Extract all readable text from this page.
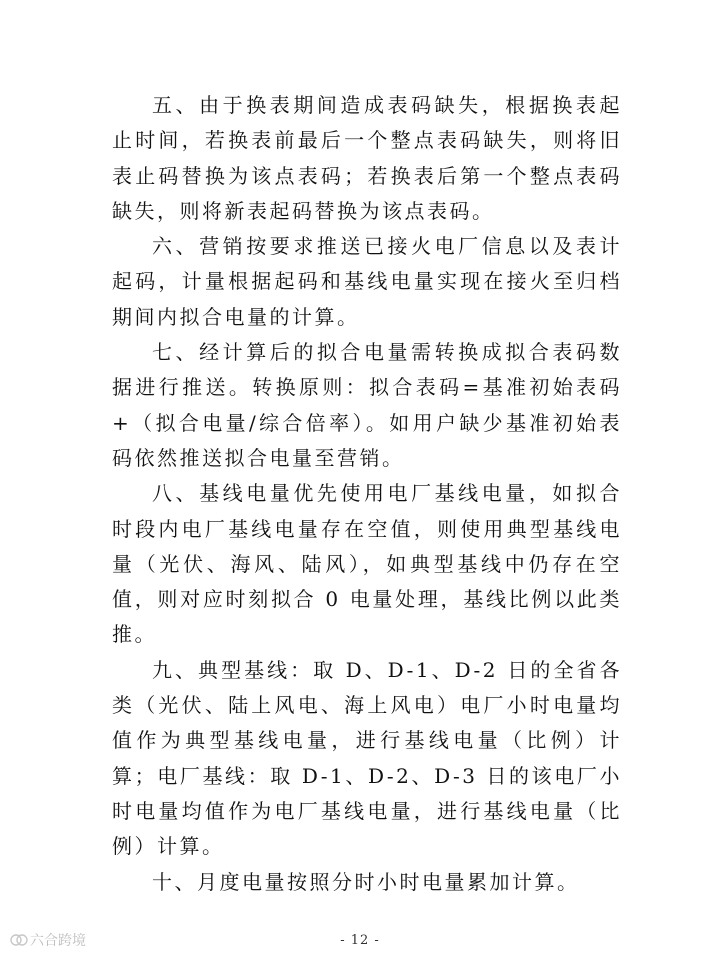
五、由于换表期间造成表码缺失，根据换表起止时间，若换表前最后一个整点表码缺失，则将旧表止码替换为该点表码；若换表后第一个整点表码缺失，则将新表起码替换为该点表码。

六、营销按要求推送已接火电厂信息以及表计起码，计量根据起码和基线电量实现在接火至归档期间内拟合电量的计算。

七、经计算后的拟合电量需转换成拟合表码数据进行推送。转换原则：拟合表码=基准初始表码+（拟合电量/综合倍率）。如用户缺少基准初始表码依然推送拟合电量至营销。

八、基线电量优先使用电厂基线电量，如拟合时段内电厂基线电量存在空值，则使用典型基线电量（光伏、海风、陆风），如典型基线中仍存在空值，则对应时刻拟合 0 电量处理，基线比例以此类推。

九、典型基线：取 D、D-1、D-2 日的全省各类（光伏、陆上风电、海上风电）电厂小时电量均值作为典型基线电量，进行基线电量（比例）计算；电厂基线：取 D-1、D-2、D-3 日的该电厂小时电量均值作为电厂基线电量，进行基线电量（比例）计算。

十、月度电量按照分时小时电量累加计算。

六合跨境	- 12 -
